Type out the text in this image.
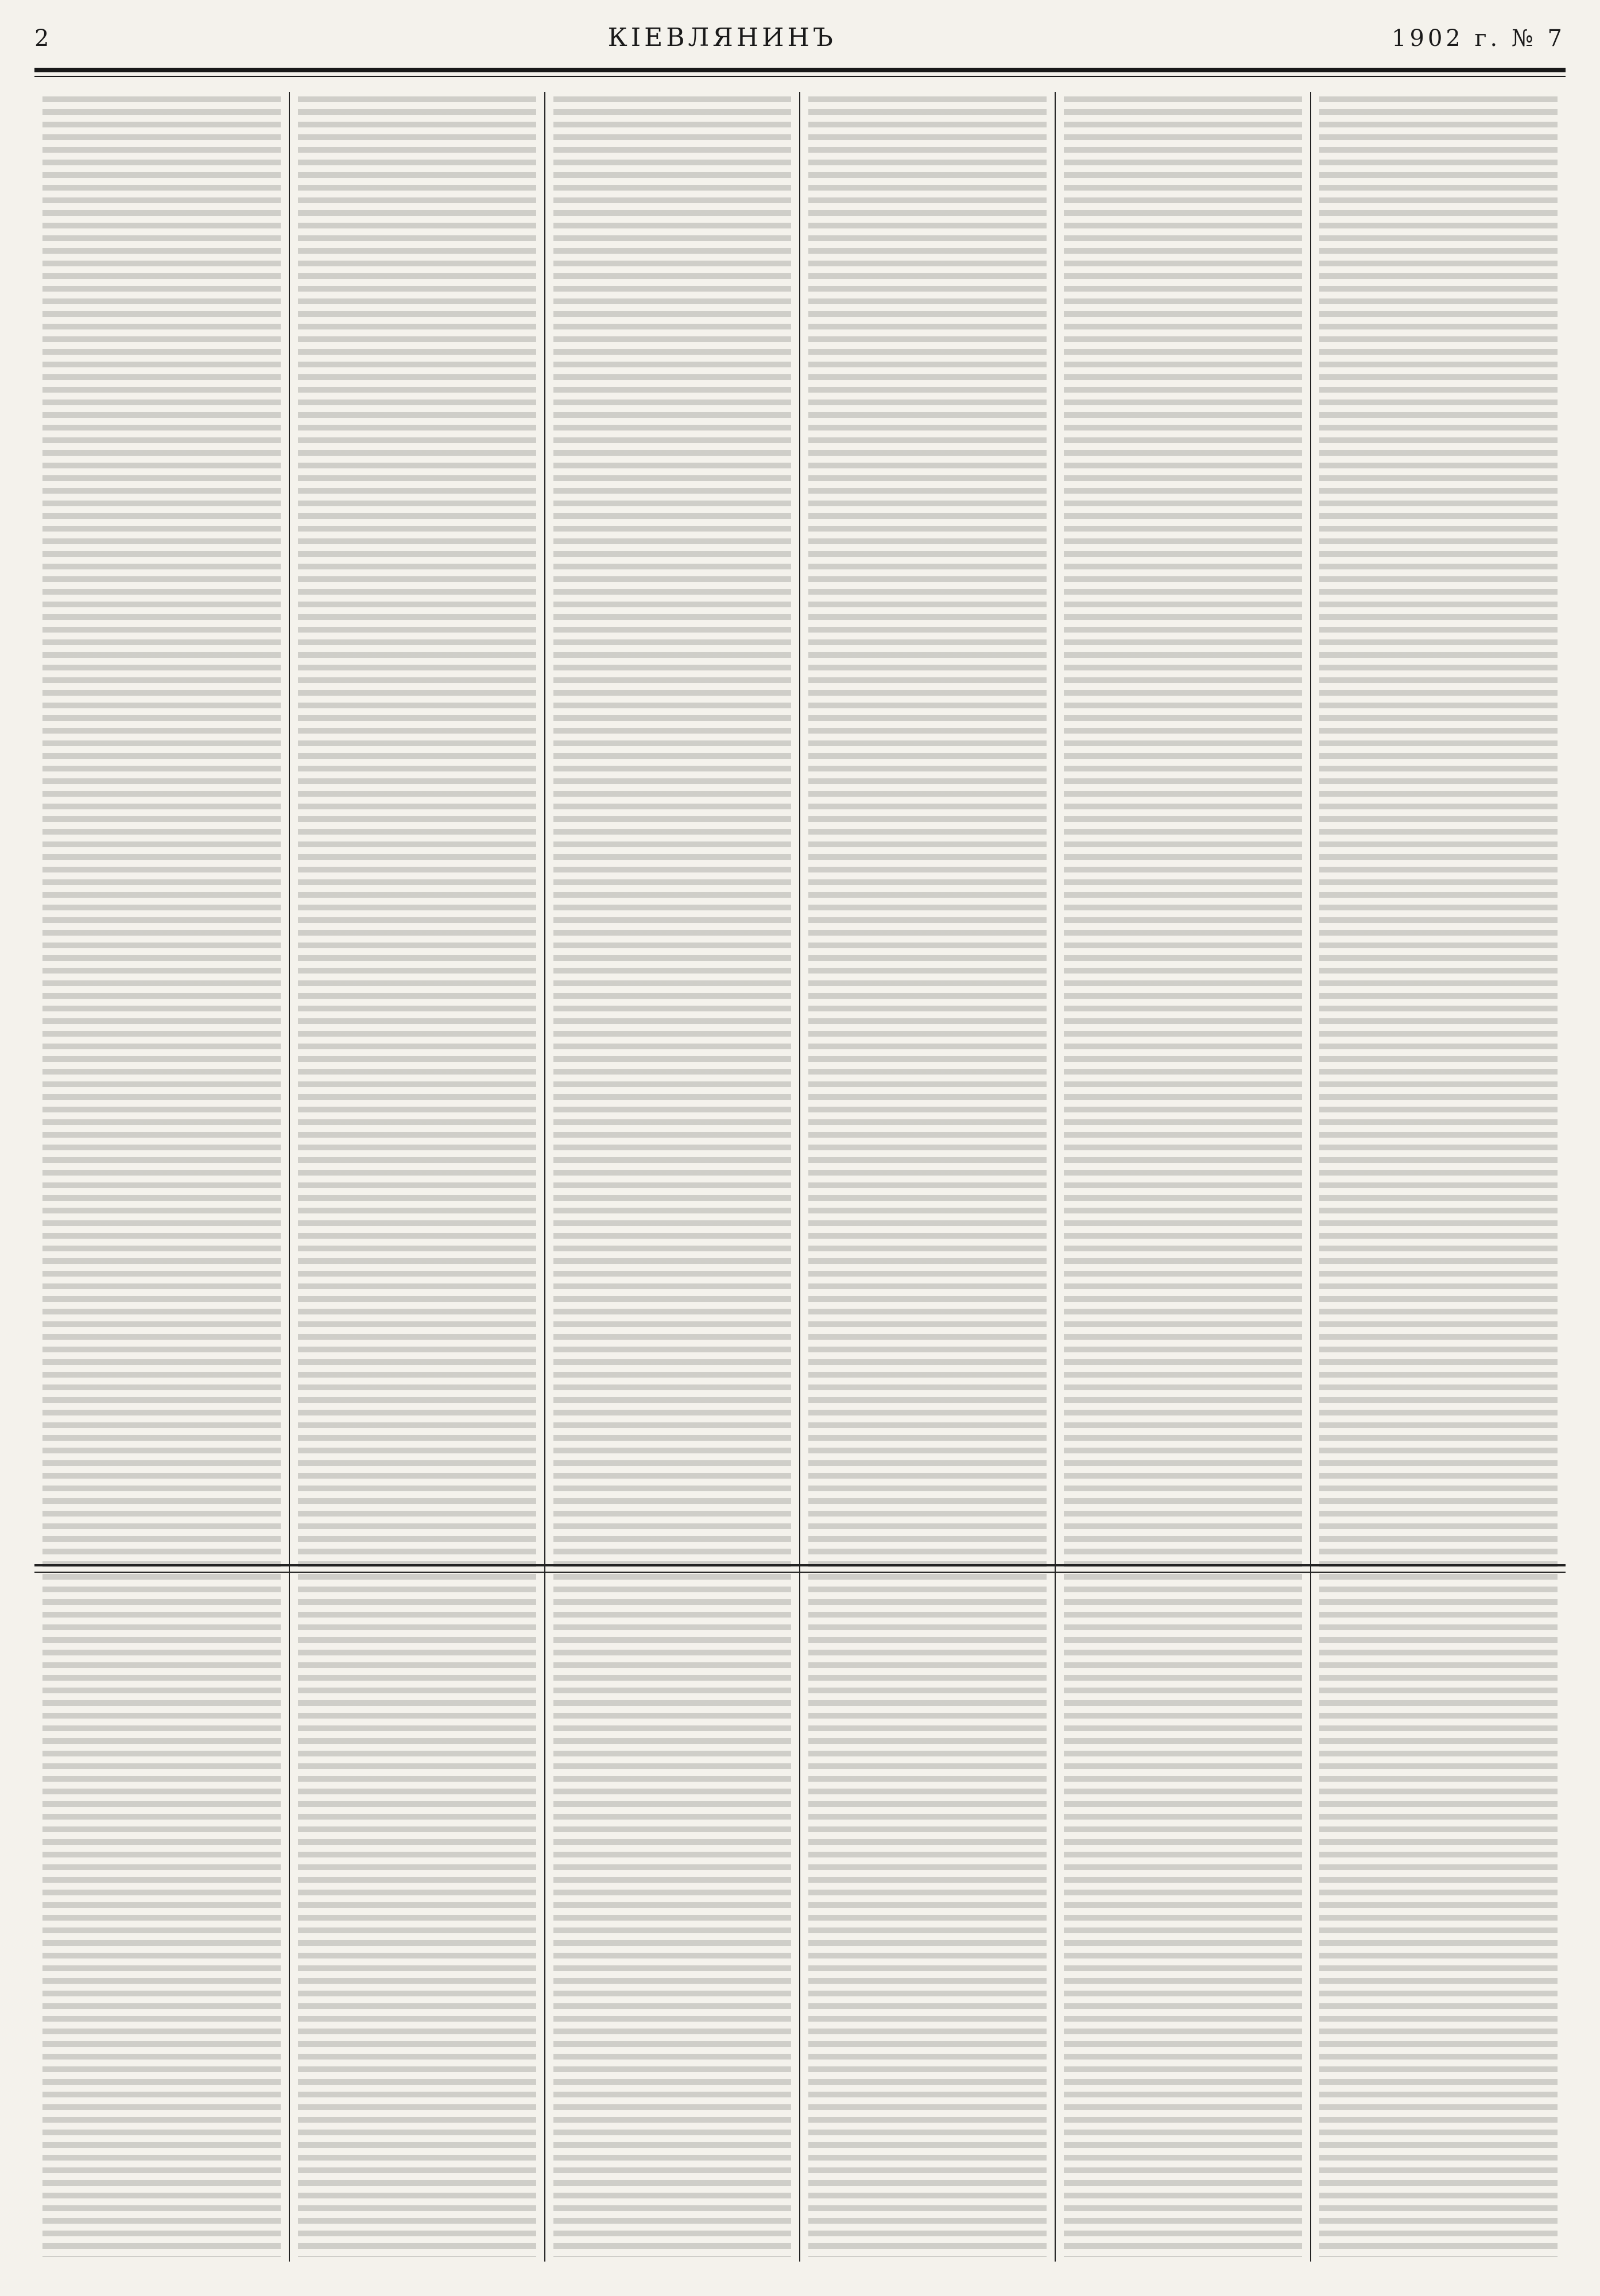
2	КІЕВЛЯНИНЪ	1902 г. № 7
